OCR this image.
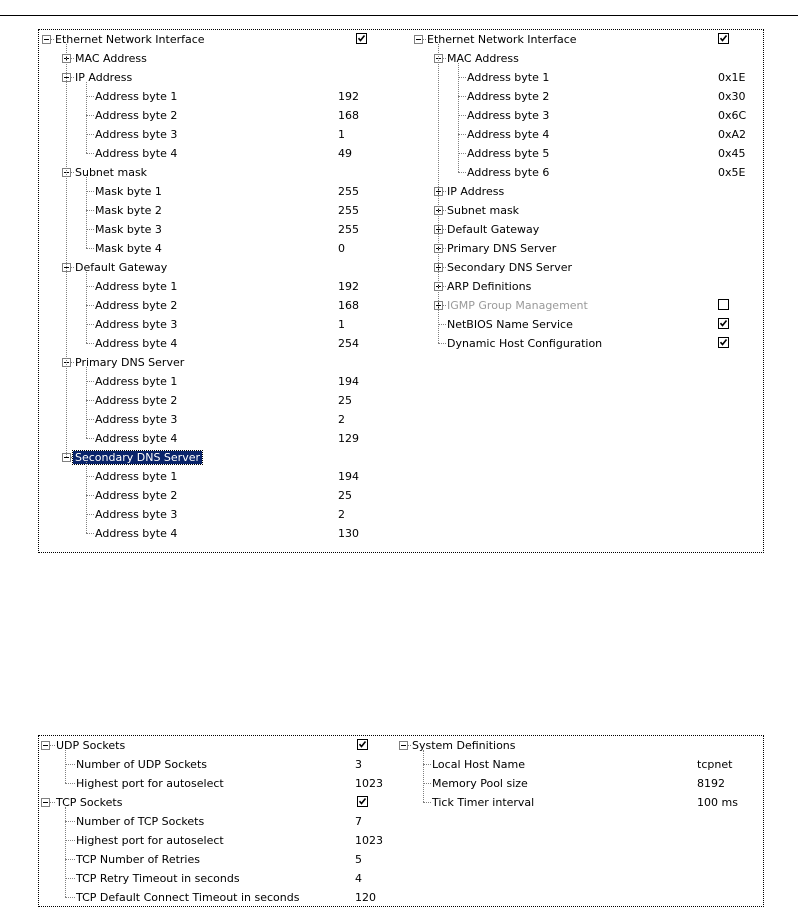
Ethernet Network Interface
MAC Address
IP Address
Address byte 1	192
Address byte 2	168
Address byte 3	1
Address byte 4	49
Subnet mask
Mask byte 1	255
Mask byte 2	255
Mask byte 3	255
Mask byte 4	0
Default Gateway
Address byte 1	192
Address byte 2	168
Address byte 3	1
Address byte 4	254
Primary DNS Server
Address byte 1	194
Address byte 2	25
Address byte 3	2
Address byte 4	129
Secondary DNS Server
Address byte 1	194
Address byte 2	25
Address byte 3	2
Address byte 4	130
Ethernet Network Interface
MAC Address
Address byte 1	0x1E
Address byte 2	0x30
Address byte 3	0x6C
Address byte 4	0xA2
Address byte 5	0x45
Address byte 6	0x5E
IP Address
Subnet mask
Default Gateway
Primary DNS Server
Secondary DNS Server
ARP Definitions
IGMP Group Management
NetBIOS Name Service
Dynamic Host Configuration
UDP Sockets
Number of UDP Sockets	3
Highest port for autoselect	1023
TCP Sockets
Number of TCP Sockets	7
Highest port for autoselect	1023
TCP Number of Retries	5
TCP Retry Timeout in seconds	4
TCP Default Connect Timeout in seconds	120
System Definitions
Local Host Name	tcpnet
Memory Pool size	8192
Tick Timer interval	100 ms
